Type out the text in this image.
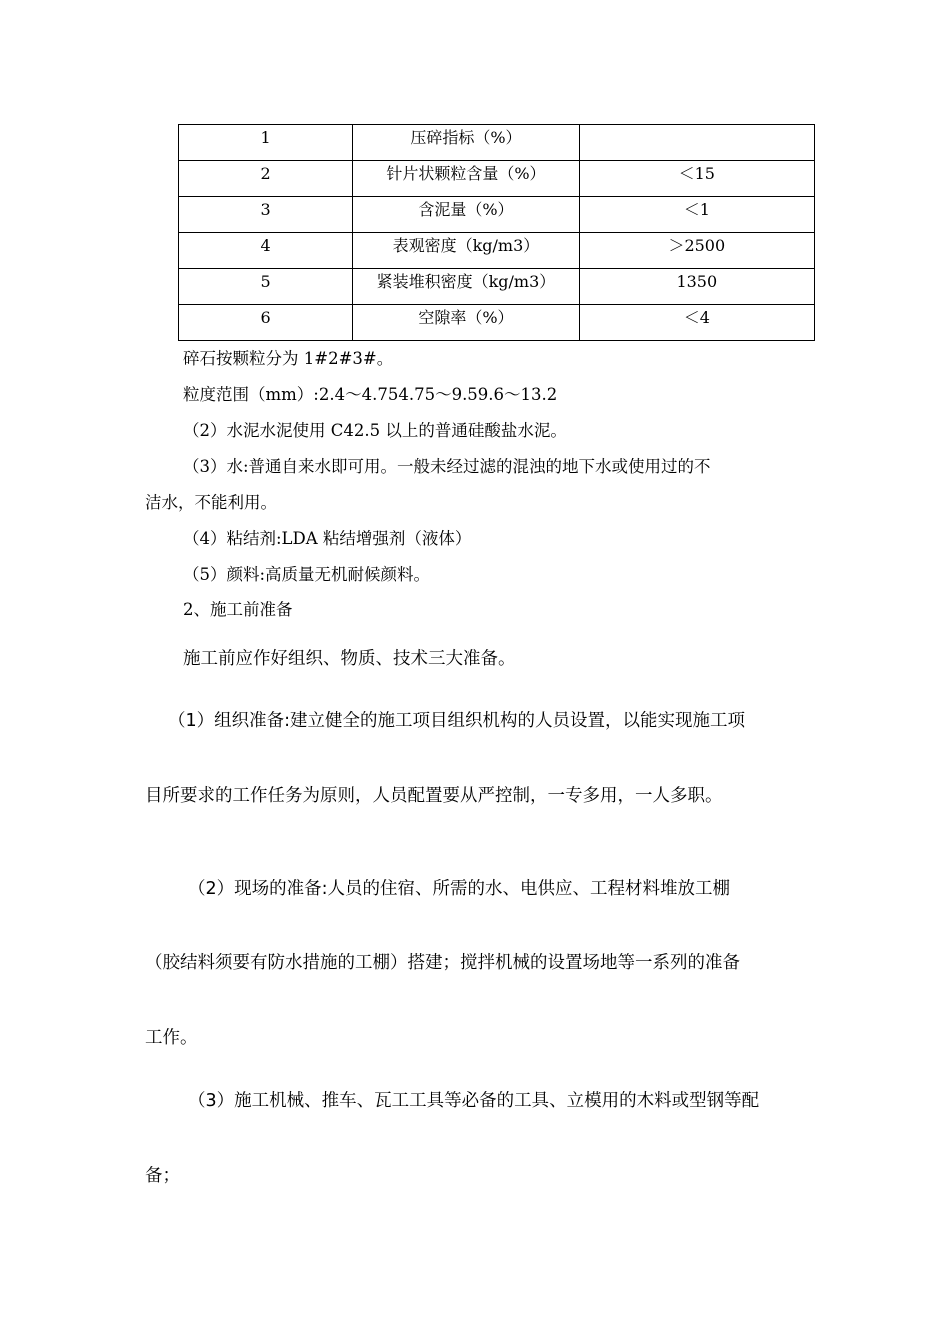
1	压碎指标（%）	
2	针片状颗粒含量（%）	＜15
3	含泥量（%）	＜1
4	表观密度（kg/m3）	＞2500
5	紧装堆积密度（kg/m3）	1350
6	空隙率（%）	＜4

碎石按颗粒分为 1#2#3#。

粒度范围（mm）:2.4～4.754.75～9.59.6～13.2

（2）水泥水泥使用 C42.5 以上的普通硅酸盐水泥。

（3）水:普通自来水即可用。一般未经过滤的混浊的地下水或使用过的不

洁水，不能利用。

（4）粘结剂:LDA 粘结增强剂（液体）

（5）颜料:高质量无机耐候颜料。

2、施工前准备

施工前应作好组织、物质、技术三大准备。

（1）组织准备:建立健全的施工项目组织机构的人员设置，以能实现施工项

目所要求的工作任务为原则，人员配置要从严控制，一专多用，一人多职。

（2）现场的准备:人员的住宿、所需的水、电供应、工程材料堆放工棚

（胶结料须要有防水措施的工棚）搭建；搅拌机械的设置场地等一系列的准备

工作。

（3）施工机械、推车、瓦工工具等必备的工具、立模用的木料或型钢等配

备；
